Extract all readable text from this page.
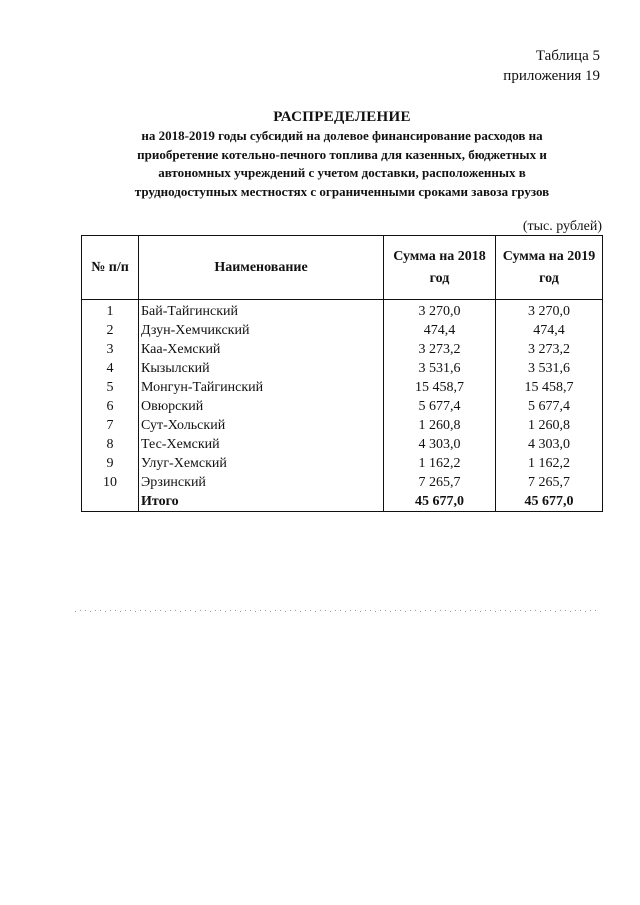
Таблица 5
приложения 19
РАСПРЕДЕЛЕНИЕ
на 2018-2019 годы субсидий на долевое финансирование расходов на
приобретение котельно-печного топлива для казенных, бюджетных и
автономных учреждений с учетом доставки, расположенных в
труднодоступных местностях с ограниченными сроками завоза грузов
(тыс. рублей)
№ п/п	Наименование	Сумма на 2018 год	Сумма на 2019 год
1	Бай-Тайгинский	3 270,0	3 270,0
2	Дзун-Хемчикский	474,4	474,4
3	Каа-Хемский	3 273,2	3 273,2
4	Кызылский	3 531,6	3 531,6
5	Монгун-Тайгинский	15 458,7	15 458,7
6	Овюрский	5 677,4	5 677,4
7	Сут-Хольский	1 260,8	1 260,8
8	Тес-Хемский	4 303,0	4 303,0
9	Улуг-Хемский	1 162,2	1 162,2
10	Эрзинский	7 265,7	7 265,7
	Итого	45 677,0	45 677,0
